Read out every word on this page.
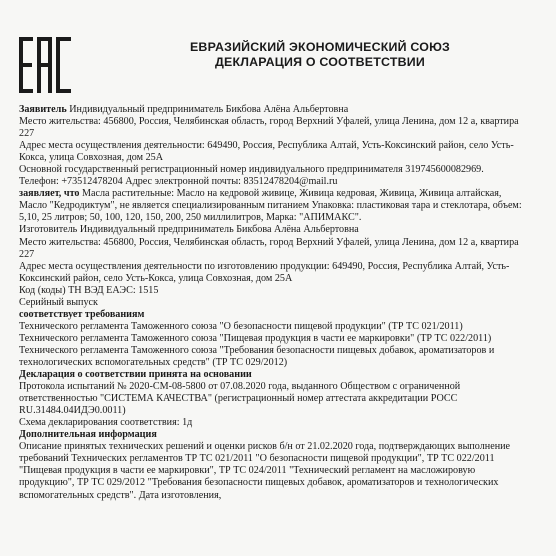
ЕВРАЗИЙСКИЙ ЭКОНОМИЧЕСКИЙ СОЮЗ
ДЕКЛАРАЦИЯ О СООТВЕТСТВИИ

Заявитель Индивидуальный предприниматель Бикбова Алёна Альбертовна

Место жительства: 456800, Россия, Челябинская область, город Верхний Уфалей, улица Ленина, дом 12 а, квартира 227

Адрес места осуществления деятельности: 649490, Россия, Республика Алтай, Усть-Коксинский район, село Усть-Кокса, улица Совхозная, дом 25А

Основной государственный регистрационный номер индивидуального предпринимателя 319745600082969.

Телефон: +73512478204 Адрес электронной почты: 83512478204@mail.ru

заявляет, что Масла растительные: Масло на кедровой живице, Живица кедровая, Живица, Живица алтайская, Масло "Кедродиктум", не является специализированным питанием Упаковка: пластиковая тара и стеклотара, объем: 5,10, 25 литров; 50, 100, 120, 150, 200, 250 миллилитров, Марка: "АПИМАКС".

Изготовитель Индивидуальный предприниматель Бикбова Алёна Альбертовна

Место жительства: 456800, Россия, Челябинская область, город Верхний Уфалей, улица Ленина, дом 12 а, квартира 227

Адрес места осуществления деятельности по изготовлению продукции: 649490, Россия, Республика Алтай, Усть-Коксинский район, село Усть-Кокса, улица Совхозная, дом 25А

Код (коды) ТН ВЭД ЕАЭС: 1515

Серийный выпуск

соответствует требованиям

Технического регламента Таможенного союза "О безопасности пищевой продукции" (ТР ТС 021/2011)

Технического регламента Таможенного союза "Пищевая продукция в части ее маркировки" (ТР ТС 022/2011)

Технического регламента Таможенного союза "Требования безопасности пищевых добавок, ароматизаторов и технологических вспомогательных средств" (ТР ТС 029/2012)

Декларация о соответствии принята на основании

Протокола испытаний № 2020-СМ-08-5800 от 07.08.2020 года, выданного Обществом с ограниченной ответственностью "СИСТЕМА КАЧЕСТВА" (регистрационный номер аттестата аккредитации РОСС RU.31484.04ИДЭ0.0011)

Схема декларирования соответствия: 1д

Дополнительная информация

Описание принятых технических решений и оценки рисков б/н от 21.02.2020 года, подтверждающих выполнение требований Технических регламентов ТР ТС 021/2011 "О безопасности пищевой продукции", ТР ТС 022/2011 "Пищевая продукция в части ее маркировки", ТР ТС 024/2011 "Технический регламент на масложировую продукцию", ТР ТС 029/2012 "Требования безопасности пищевых добавок, ароматизаторов и технологических вспомогательных средств". Дата изготовления,
